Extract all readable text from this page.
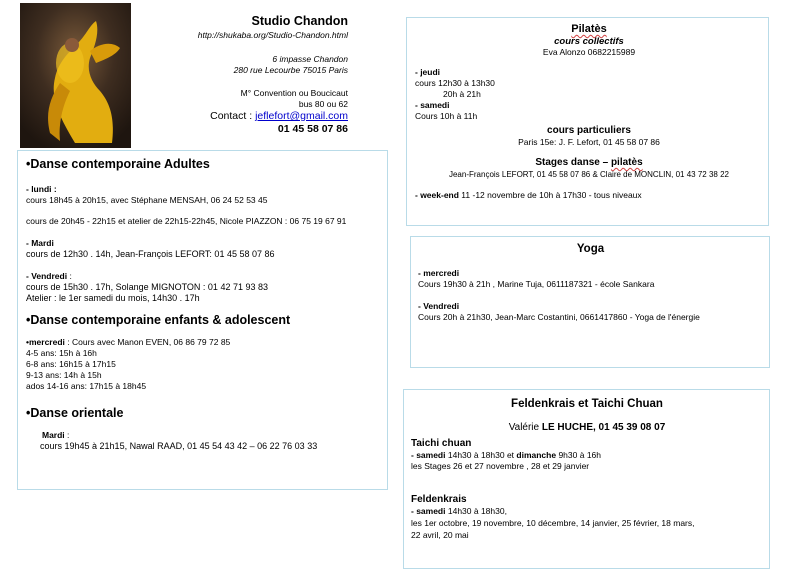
Studio Chandon

http://shukaba.org/Studio-Chandon.html

6 impasse Chandon

280 rue Lecourbe 75015 Paris

M° Convention ou Boucicaut

bus 80 ou 62

Contact : jeflefort@gmail.com

01 45 58 07 86

•Danse contemporaine Adultes

- lundi :

cours 18h45 à 20h15, avec Stéphane MENSAH, 06 24 52 53 45

cours de 20h45 - 22h15 et atelier de 22h15-22h45, Nicole PIAZZON : 06 75 19 67 91

- Mardi

cours de 12h30 . 14h, Jean-François LEFORT: 01 45 58 07 86

- Vendredi :

cours de 15h30 . 17h, Solange MIGNOTON : 01 42 71 93 83

Atelier : le 1er samedi du mois, 14h30 . 17h

•Danse contemporaine enfants & adolescent

•mercredi : Cours avec Manon EVEN, 06 86 79 72 85

4-5 ans: 15h à 16h

6-8 ans: 16h15 à 17h15

9-13 ans: 14h à 15h

ados 14-16 ans: 17h15 à 18h45

•Danse orientale

Mardi :

cours 19h45 à 21h15, Nawal RAAD, 01 45 54 43 42 – 06 22 76 03 33

Pilatès

cours collectifs

Eva Alonzo 0682215989

- jeudi

cours 12h30 à 13h30

20h à 21h

- samedi

Cours 10h à 11h

cours particuliers

Paris 15e: J. F. Lefort, 01 45 58 07 86

Stages danse – pilatès

Jean-François LEFORT, 01 45 58 07 86 & Claire de MONCLIN, 01 43 72 38 22

- week-end 11 -12 novembre de 10h à 17h30 - tous niveaux

Yoga

- mercredi

Cours 19h30 à 21h , Marine Tuja, 0611187321 - école Sankara

- Vendredi

Cours 20h à 21h30, Jean-Marc Costantini, 0661417860 - Yoga de l'énergie

Feldenkrais et Taichi Chuan

Valérie LE HUCHE, 01 45 39 08 07

Taichi chuan

- samedi 14h30 à 18h30 et dimanche 9h30 à 16h

les Stages 26 et 27 novembre , 28 et 29 janvier

Feldenkrais

- samedi 14h30 à 18h30,

les 1er octobre, 19 novembre, 10 décembre, 14 janvier, 25 février, 18 mars,

22 avril, 20 mai
